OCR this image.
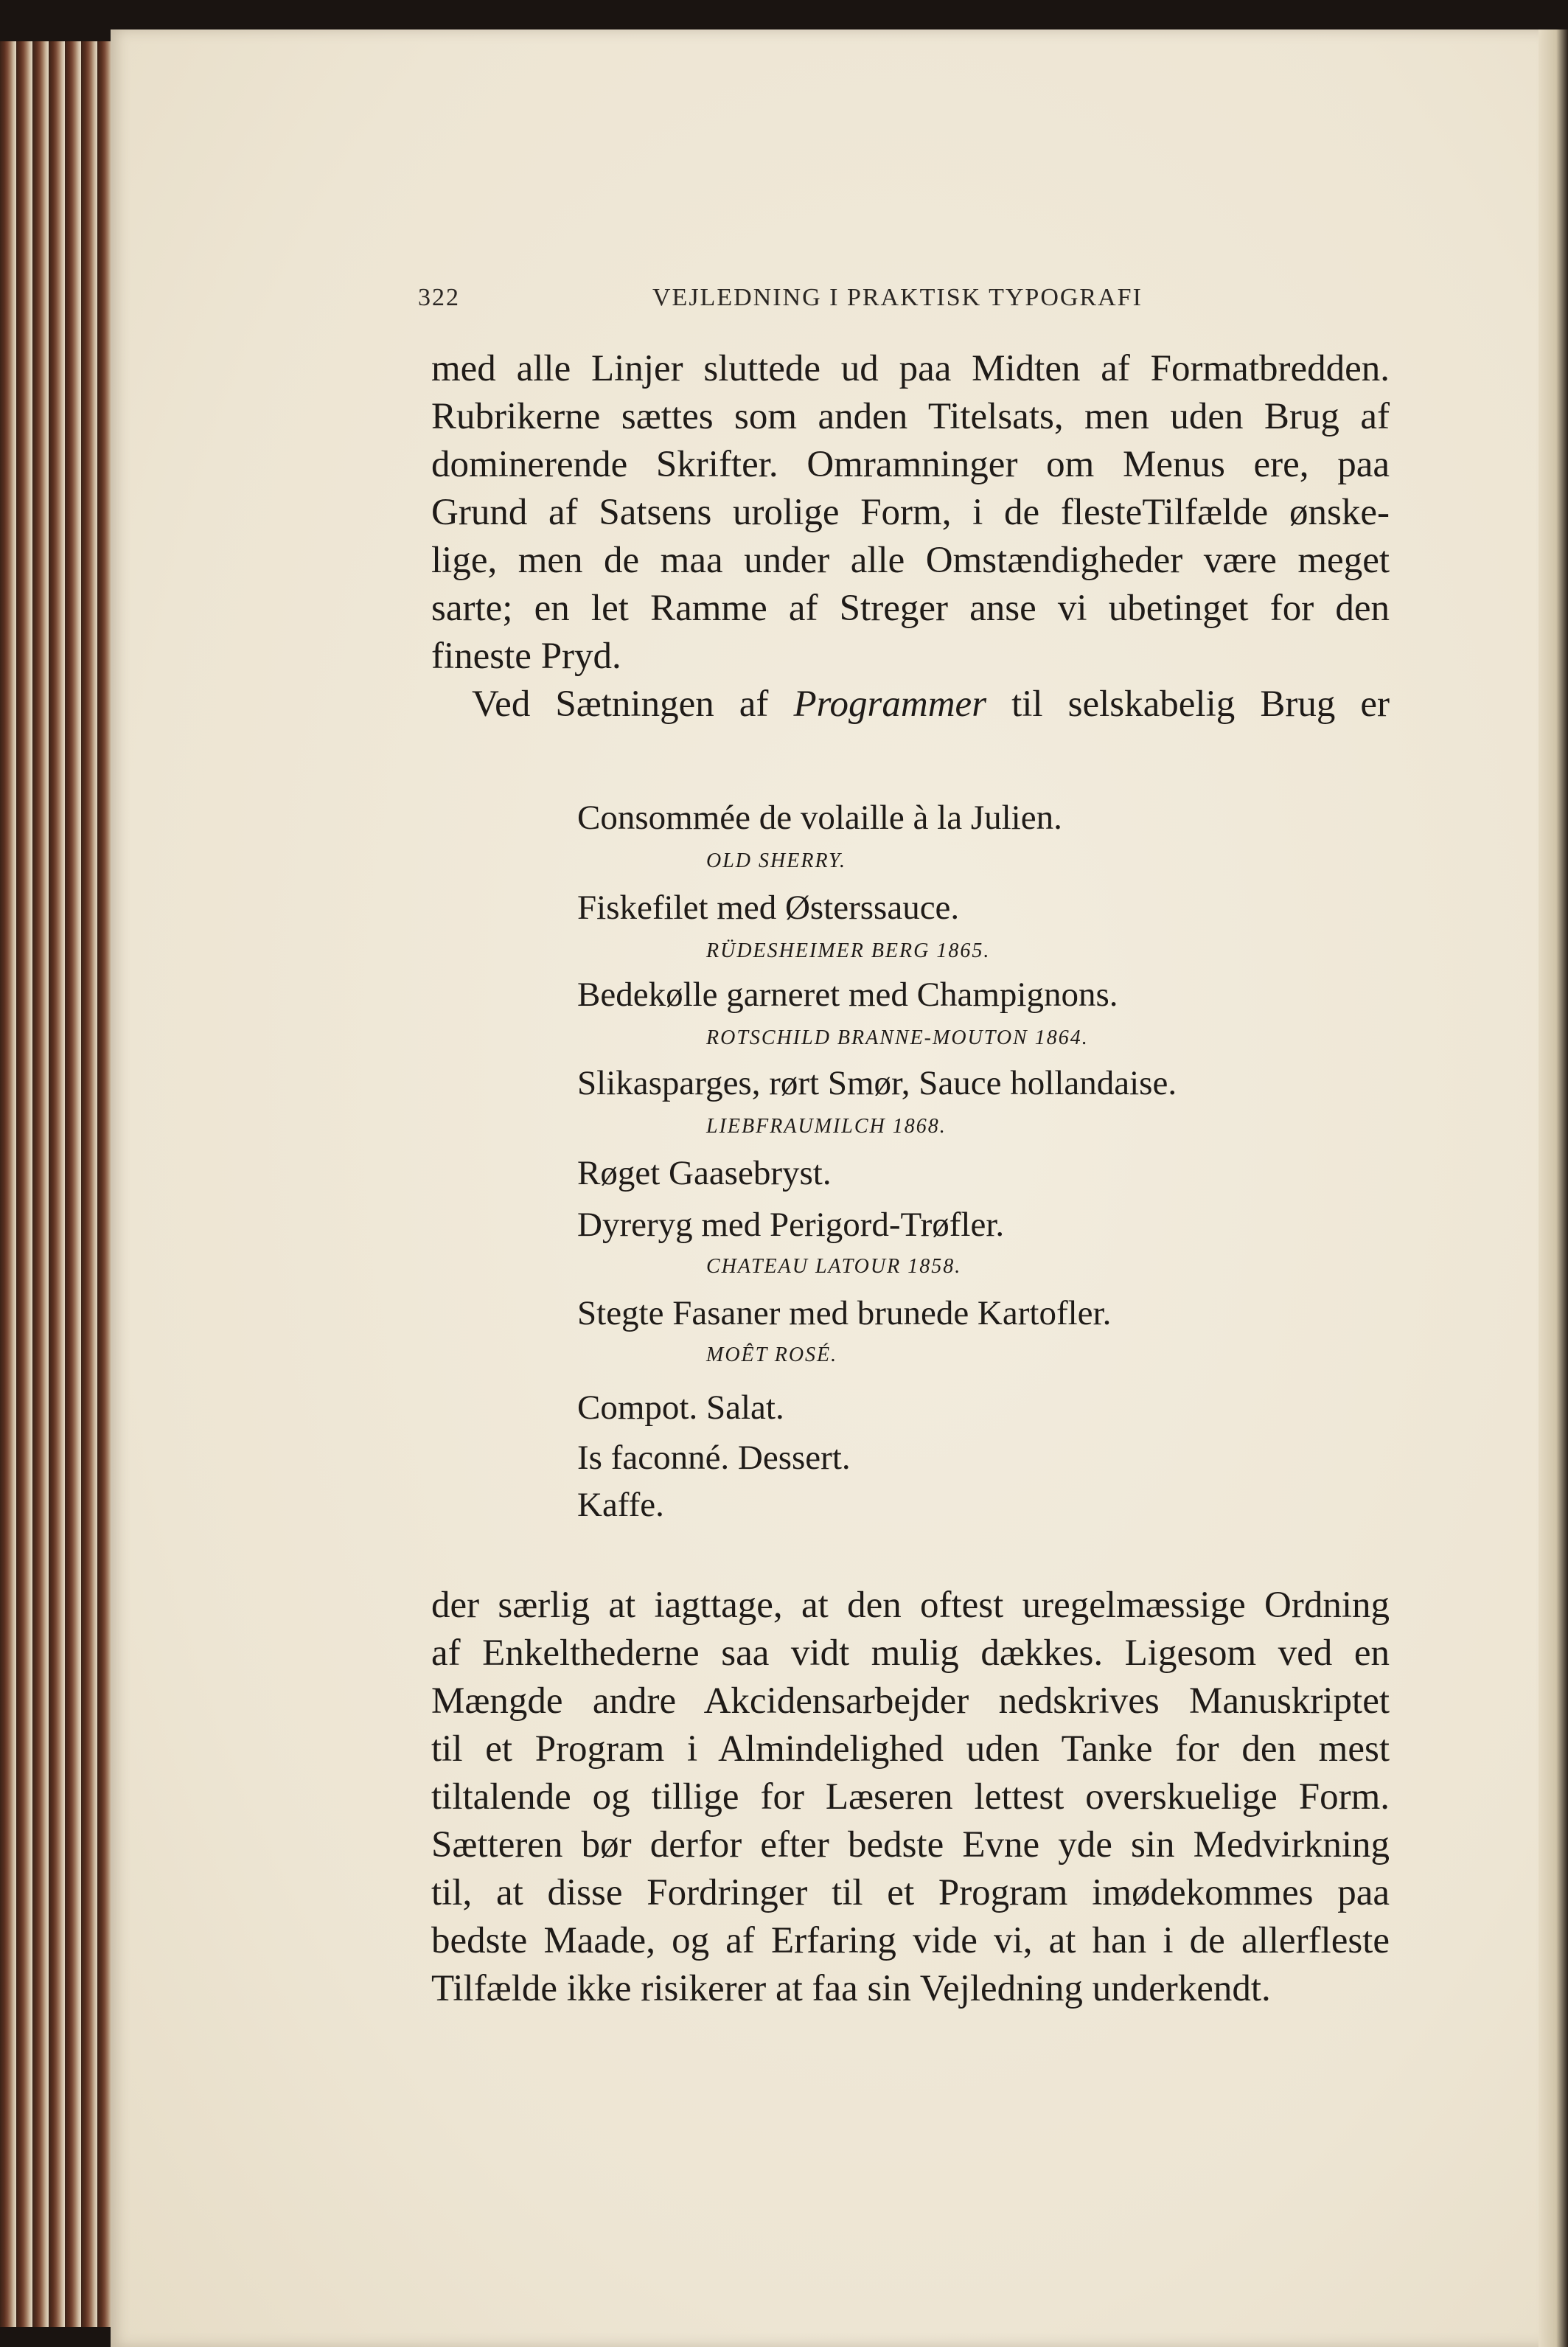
322	VEJLEDNING I PRAKTISK TYPOGRAFI
med alle Linjer sluttede ud paa Midten af Formatbredden.
Rubrikerne sættes som anden Titelsats, men uden Brug af
dominerende Skrifter. Omramninger om Menus ere, paa
Grund af Satsens urolige Form, i de flesteTilfælde ønske-
lige, men de maa under alle Omstændigheder være meget
sarte; en let Ramme af Streger anse vi ubetinget for den
fineste Pryd.
Ved Sætningen af Programmer til selskabelig Brug er
Consommée de volaille à la Julien.
OLD SHERRY.
Fiskefilet med Østerssauce.
RÜDESHEIMER BERG 1865.
Bedekølle garneret med Champignons.
ROTSCHILD BRANNE-MOUTON 1864.
Slikasparges, rørt Smør, Sauce hollandaise.
LIEBFRAUMILCH 1868.
Røget Gaasebryst.
Dyreryg med Perigord-Trøfler.
CHATEAU LATOUR 1858.
Stegte Fasaner med brunede Kartofler.
MOÊT ROSÉ.
Compot. Salat.
Is faconné. Dessert.
Kaffe.
der særlig at iagttage, at den oftest uregelmæssige Ordning
af Enkelthederne saa vidt mulig dækkes. Ligesom ved en
Mængde andre Akcidensarbejder nedskrives Manuskriptet
til et Program i Almindelighed uden Tanke for den mest
tiltalende og tillige for Læseren lettest overskuelige Form.
Sætteren bør derfor efter bedste Evne yde sin Medvirkning
til, at disse Fordringer til et Program imødekommes paa
bedste Maade, og af Erfaring vide vi, at han i de allerfleste
Tilfælde ikke risikerer at faa sin Vejledning underkendt.
